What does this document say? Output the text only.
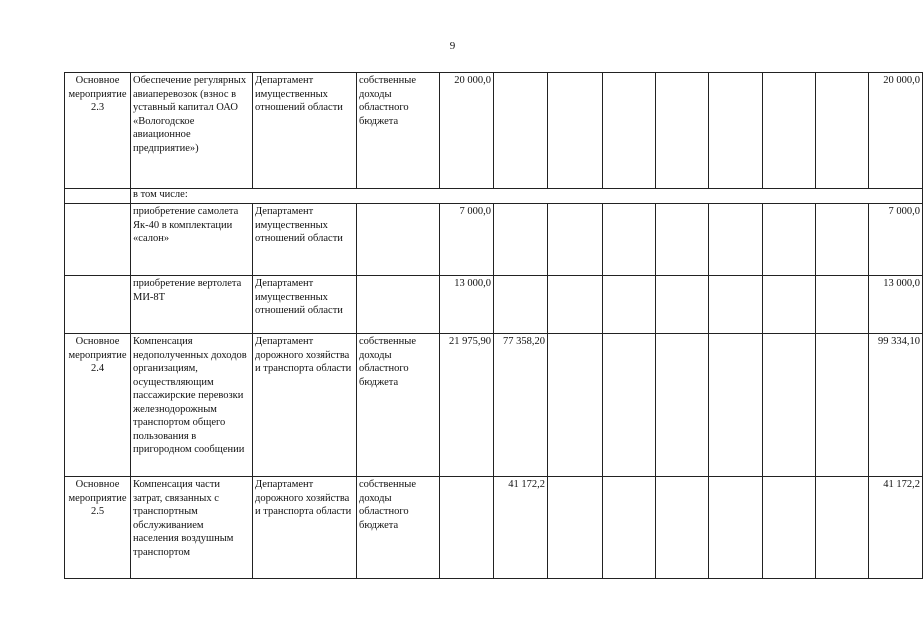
9
Основное мероприятие 2.3	Обеспечение регулярных авиаперевозок (взнос в уставный капитал ОАО «Вологодское авиационное предприятие»)	Департамент имущественных отношений области	собственные доходы областного бюджета	20 000,0								20 000,0
	в том числе:											
	приобретение самолета Як-40 в комплектации «салон»	Департамент имущественных отношений области		7 000,0								7 000,0
	приобретение вертолета МИ-8Т	Департамент имущественных отношений области		13 000,0								13 000,0
Основное мероприятие 2.4	Компенсация недополученных доходов организациям, осуществляющим пассажирские перевозки железнодорожным транспортом общего пользования в пригородном сообщении	Департамент дорожного хозяйства и транспорта области	собственные доходы областного бюджета	21 975,90	77 358,20							99 334,10
Основное мероприятие 2.5	Компенсация части затрат, связанных с транспортным обслуживанием населения воздушным транспортом	Департамент дорожного хозяйства и транспорта области	собственные доходы областного бюджета		41 172,2							41 172,2
